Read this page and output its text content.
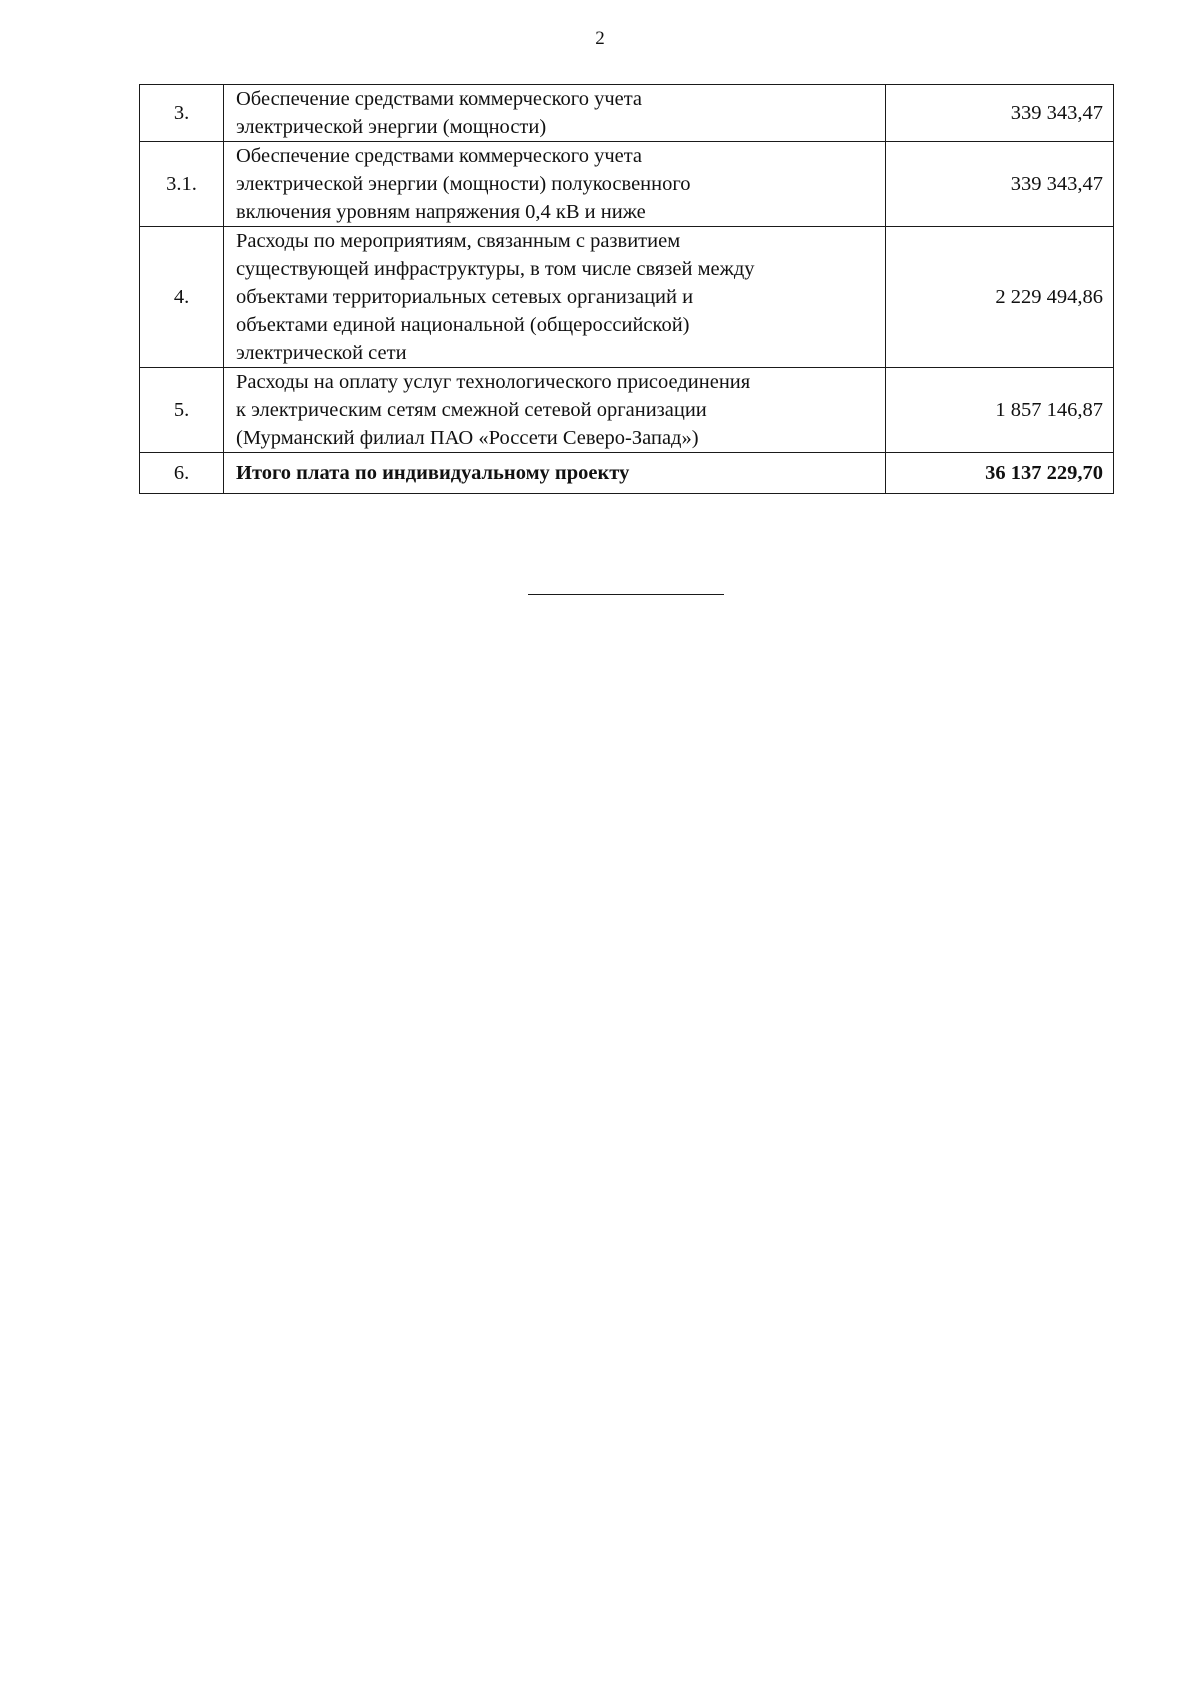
2
3.	Обеспечение средствами коммерческого учета
электрической энергии (мощности)	339 343,47
3.1.	Обеспечение средствами коммерческого учета
электрической энергии (мощности) полукосвенного
включения уровням напряжения 0,4 кВ и ниже	339 343,47
4.	Расходы по мероприятиям, связанным с развитием
существующей инфраструктуры, в том числе связей между
объектами территориальных сетевых организаций и
объектами единой национальной (общероссийской)
электрической сети	2 229 494,86
5.	Расходы на оплату услуг технологического присоединения
к электрическим сетям смежной сетевой организации
(Мурманский филиал ПАО «Россети Северо-Запад»)	1 857 146,87
6.	Итого плата по индивидуальному проекту	36 137 229,70
